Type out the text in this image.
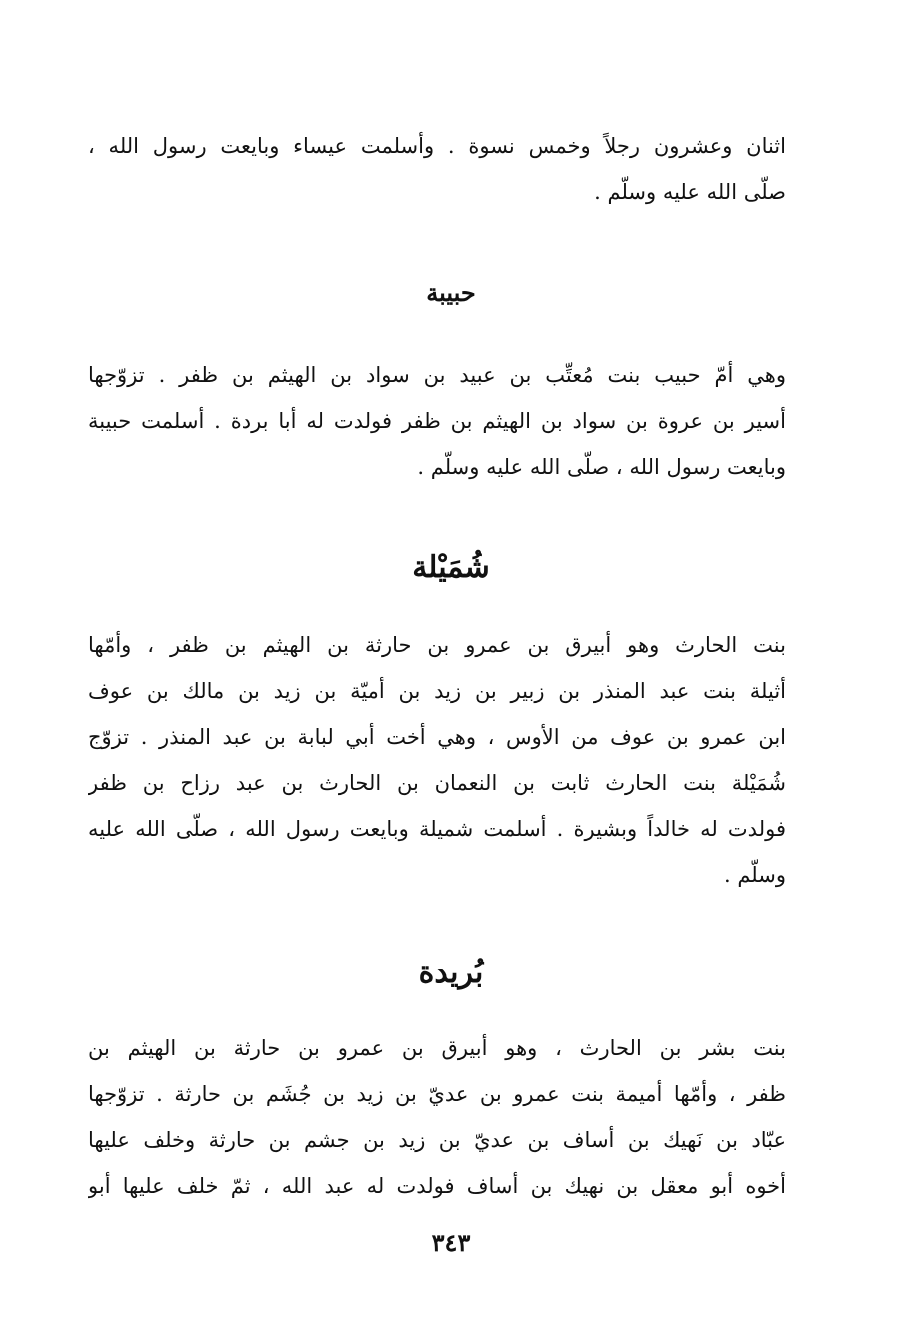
اثنان وعشرون رجلاً وخمس نسوة . وأسلمت عيساء وبايعت رسول الله ،
صلّى الله عليه وسلّم .
حبيبة
وهي أمّ حبيب بنت مُعتِّب بن عبيد بن سواد بن الهيثم بن ظفر . تزوّجها
أسير بن عروة بن سواد بن الهيثم بن ظفر فولدت له أبا بردة . أسلمت حبيبة
وبايعت رسول الله ، صلّى الله عليه وسلّم .
شُمَيْلة
بنت الحارث وهو أبيرق بن عمرو بن حارثة بن الهيثم بن ظفر ، وأمّها
أثيلة بنت عبد المنذر بن زبير بن زيد بن أميّة بن زيد بن مالك بن عوف
ابن عمرو بن عوف من الأوس ، وهي أخت أبي لبابة بن عبد المنذر . تزوّج
شُمَيْلة بنت الحارث ثابت بن النعمان بن الحارث بن عبد رزاح بن ظفر
فولدت له خالداً وبشيرة . أسلمت شميلة وبايعت رسول الله ، صلّى الله عليه
وسلّم .
بُريدة
بنت بشر بن الحارث ، وهو أبيرق بن عمرو بن حارثة بن الهيثم بن
ظفر ، وأمّها أميمة بنت عمرو بن عديّ بن زيد بن جُشَم بن حارثة . تزوّجها
عبّاد بن نَهيك بن أساف بن عديّ بن زيد بن جشم بن حارثة وخلف عليها
أخوه أبو معقل بن نهيك بن أساف فولدت له عبد الله ، ثمّ خلف عليها أبو
٣٤٣
